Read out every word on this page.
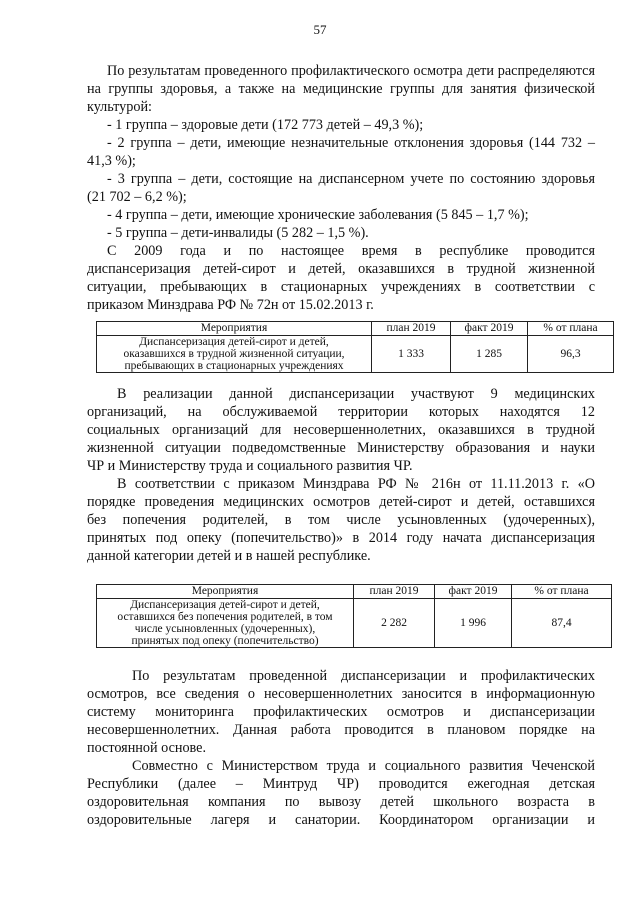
57
По результатам проведенного профилактического осмотра дети распределяются
на группы здоровья, а также на медицинские группы для занятия физической
культурой:
- 1 группа – здоровые дети (172 773 детей – 49,3 %);
- 2 группа – дети, имеющие незначительные отклонения здоровья (144 732 –
41,3 %);
- 3 группа – дети, состоящие на диспансерном учете по состоянию здоровья
(21 702 – 6,2 %);
- 4 группа – дети, имеющие хронические заболевания (5 845 – 1,7 %);
- 5 группа – дети-инвалиды (5 282 – 1,5 %).
С 2009 года и по настоящее время в республике проводится
диспансеризация детей-сирот и детей, оказавшихся в трудной жизненной
ситуации, пребывающих в стационарных учреждениях в соответствии с
приказом Минздрава РФ № 72н от 15.02.2013 г.
Мероприятия	план 2019	факт 2019	% от плана

Диспансеризация детей-сирот и детей,
оказавшихся в трудной жизненной ситуации,
пребывающих в стационарных учреждениях	1 333	1 285	96,3
В реализации данной диспансеризации участвуют 9 медицинских
организаций, на обслуживаемой территории которых находятся 12
социальных организаций для несовершеннолетних, оказавшихся в трудной
жизненной ситуации подведомственные Министерству образования и науки
ЧР и Министерству труда и социального развития ЧР.
В соответствии с приказом Минздрава РФ № 216н от 11.11.2013 г. «О
порядке проведения медицинских осмотров детей-сирот и детей, оставшихся
без попечения родителей, в том числе усыновленных (удочеренных),
принятых под опеку (попечительство)» в 2014 году начата диспансеризация
данной категории детей и в нашей республике.
Мероприятия	план 2019	факт 2019	% от плана

Диспансеризация детей-сирот и детей,
оставшихся без попечения родителей, в том
числе усыновленных (удочеренных),
принятых под опеку (попечительство)	2 282	1 996	87,4
По результатам проведенной диспансеризации и профилактических
осмотров, все сведения о несовершеннолетних заносится в информационную
систему мониторинга профилактических осмотров и диспансеризации
несовершеннолетних. Данная работа проводится в плановом порядке на
постоянной основе.
Совместно с Министерством труда и социального развития Чеченской
Республики (далее – Минтруд ЧР) проводится ежегодная детская
оздоровительная компания по вывозу детей школьного возраста в
оздоровительные лагеря и санатории. Координатором организации и
